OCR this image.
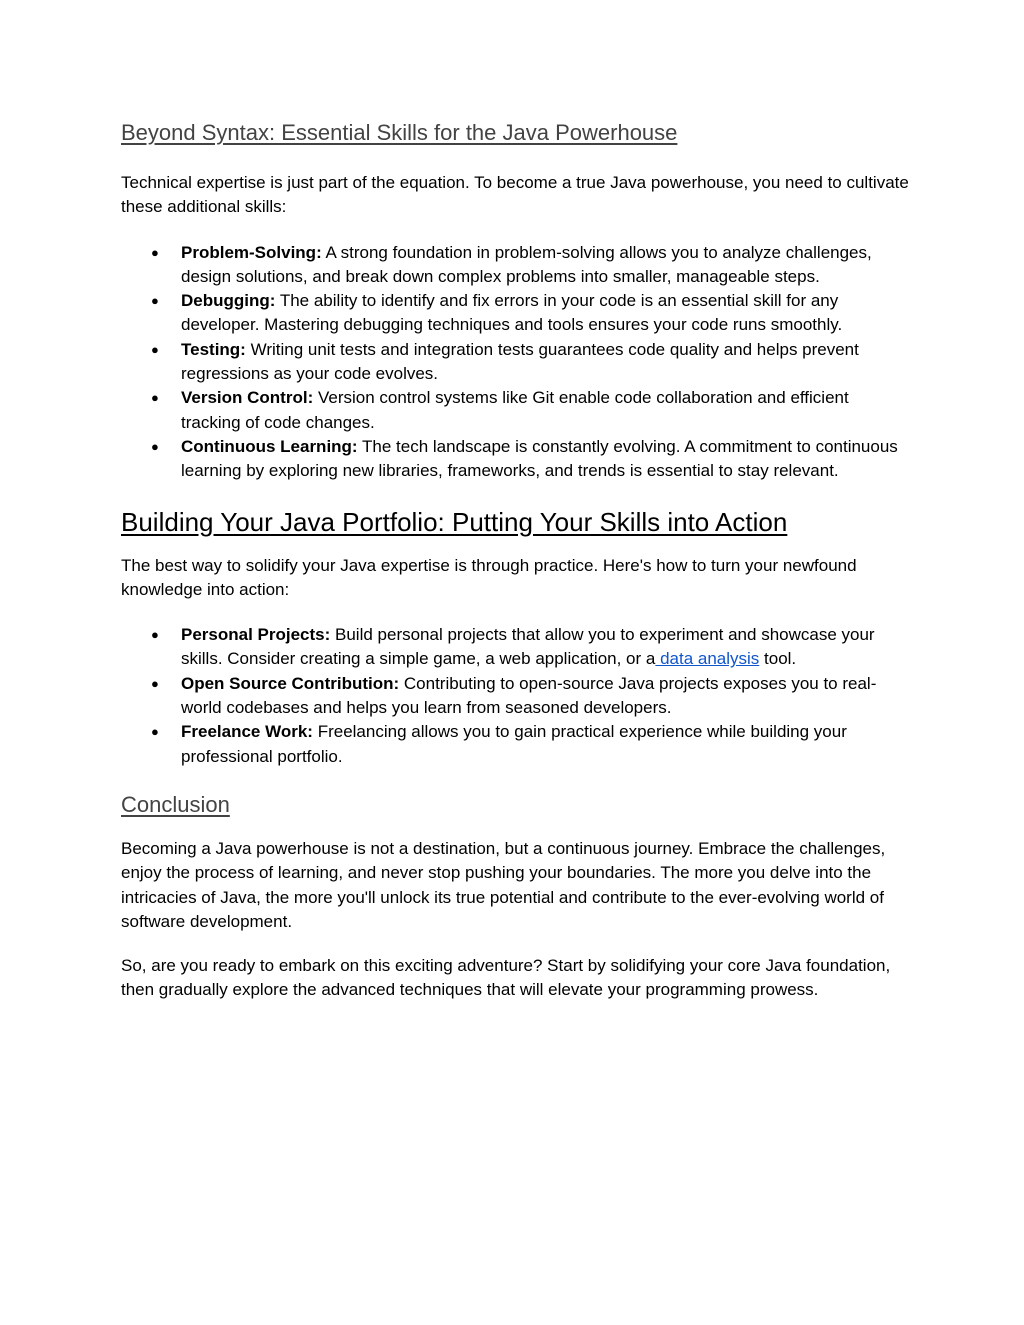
Beyond Syntax: Essential Skills for the Java Powerhouse

Technical expertise is just part of the equation. To become a true Java powerhouse, you need to cultivate these additional skills:

● Problem-Solving: A strong foundation in problem-solving allows you to analyze challenges, design solutions, and break down complex problems into smaller, manageable steps.
● Debugging: The ability to identify and fix errors in your code is an essential skill for any developer. Mastering debugging techniques and tools ensures your code runs smoothly.
● Testing: Writing unit tests and integration tests guarantees code quality and helps prevent regressions as your code evolves.
● Version Control: Version control systems like Git enable code collaboration and efficient tracking of code changes.
● Continuous Learning: The tech landscape is constantly evolving. A commitment to continuous learning by exploring new libraries, frameworks, and trends is essential to stay relevant.
Building Your Java Portfolio: Putting Your Skills into Action

The best way to solidify your Java expertise is through practice. Here's how to turn your newfound knowledge into action:

● Personal Projects: Build personal projects that allow you to experiment and showcase your skills. Consider creating a simple game, a web application, or a data analysis tool.
● Open Source Contribution: Contributing to open-source Java projects exposes you to real-world codebases and helps you learn from seasoned developers.
● Freelance Work: Freelancing allows you to gain practical experience while building your professional portfolio.
Conclusion

Becoming a Java powerhouse is not a destination, but a continuous journey. Embrace the challenges, enjoy the process of learning, and never stop pushing your boundaries. The more you delve into the intricacies of Java, the more you'll unlock its true potential and contribute to the ever-evolving world of software development.

So, are you ready to embark on this exciting adventure? Start by solidifying your core Java foundation, then gradually explore the advanced techniques that will elevate your programming prowess.
